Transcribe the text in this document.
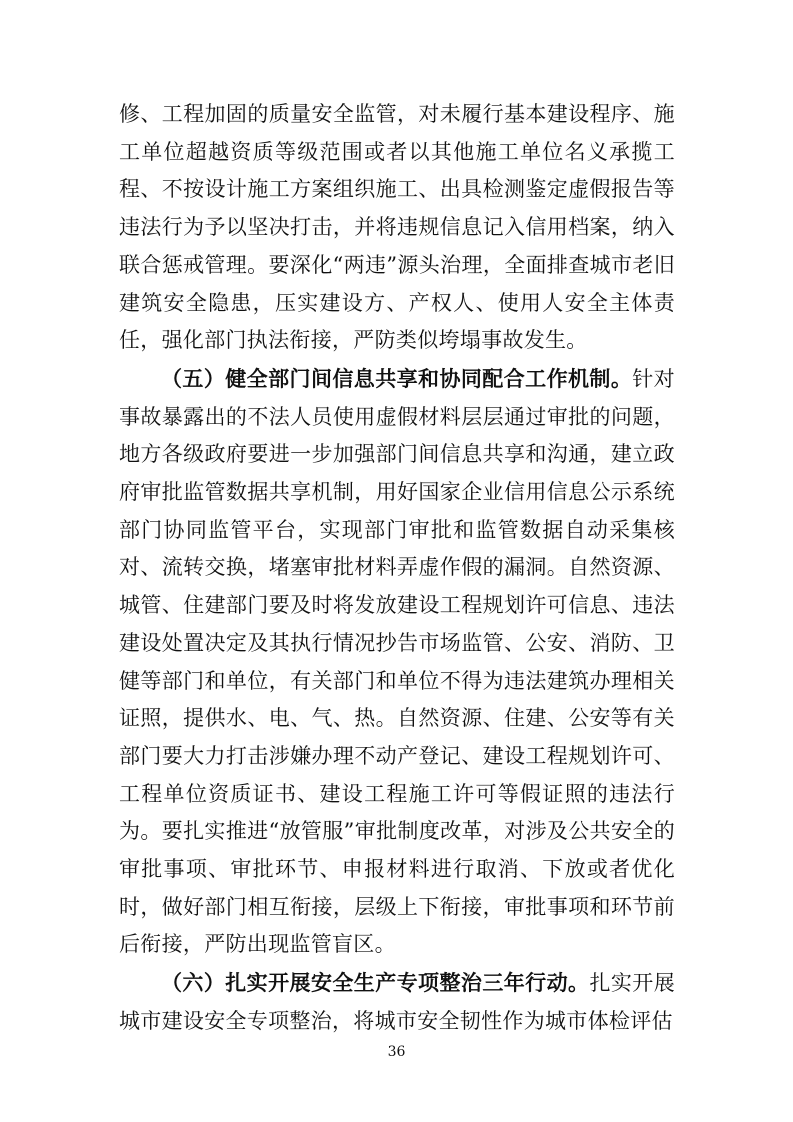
修、工程加固的质量安全监管，对未履行基本建设程序、施工单位超越资质等级范围或者以其他施工单位名义承揽工程、不按设计施工方案组织施工、出具检测鉴定虚假报告等违法行为予以坚决打击，并将违规信息记入信用档案，纳入联合惩戒管理。要深化“两违”源头治理，全面排查城市老旧建筑安全隐患，压实建设方、产权人、使用人安全主体责任，强化部门执法衔接，严防类似垮塌事故发生。

（五）健全部门间信息共享和协同配合工作机制。针对事故暴露出的不法人员使用虚假材料层层通过审批的问题，地方各级政府要进一步加强部门间信息共享和沟通，建立政府审批监管数据共享机制，用好国家企业信用信息公示系统部门协同监管平台，实现部门审批和监管数据自动采集核对、流转交换，堵塞审批材料弄虚作假的漏洞。自然资源、城管、住建部门要及时将发放建设工程规划许可信息、违法建设处置决定及其执行情况抄告市场监管、公安、消防、卫健等部门和单位，有关部门和单位不得为违法建筑办理相关证照，提供水、电、气、热。自然资源、住建、公安等有关部门要大力打击涉嫌办理不动产登记、建设工程规划许可、工程单位资质证书、建设工程施工许可等假证照的违法行为。要扎实推进“放管服”审批制度改革，对涉及公共安全的审批事项、审批环节、申报材料进行取消、下放或者优化时，做好部门相互衔接，层级上下衔接，审批事项和环节前后衔接，严防出现监管盲区。

（六）扎实开展安全生产专项整治三年行动。扎实开展城市建设安全专项整治，将城市安全韧性作为城市体检评估

36
